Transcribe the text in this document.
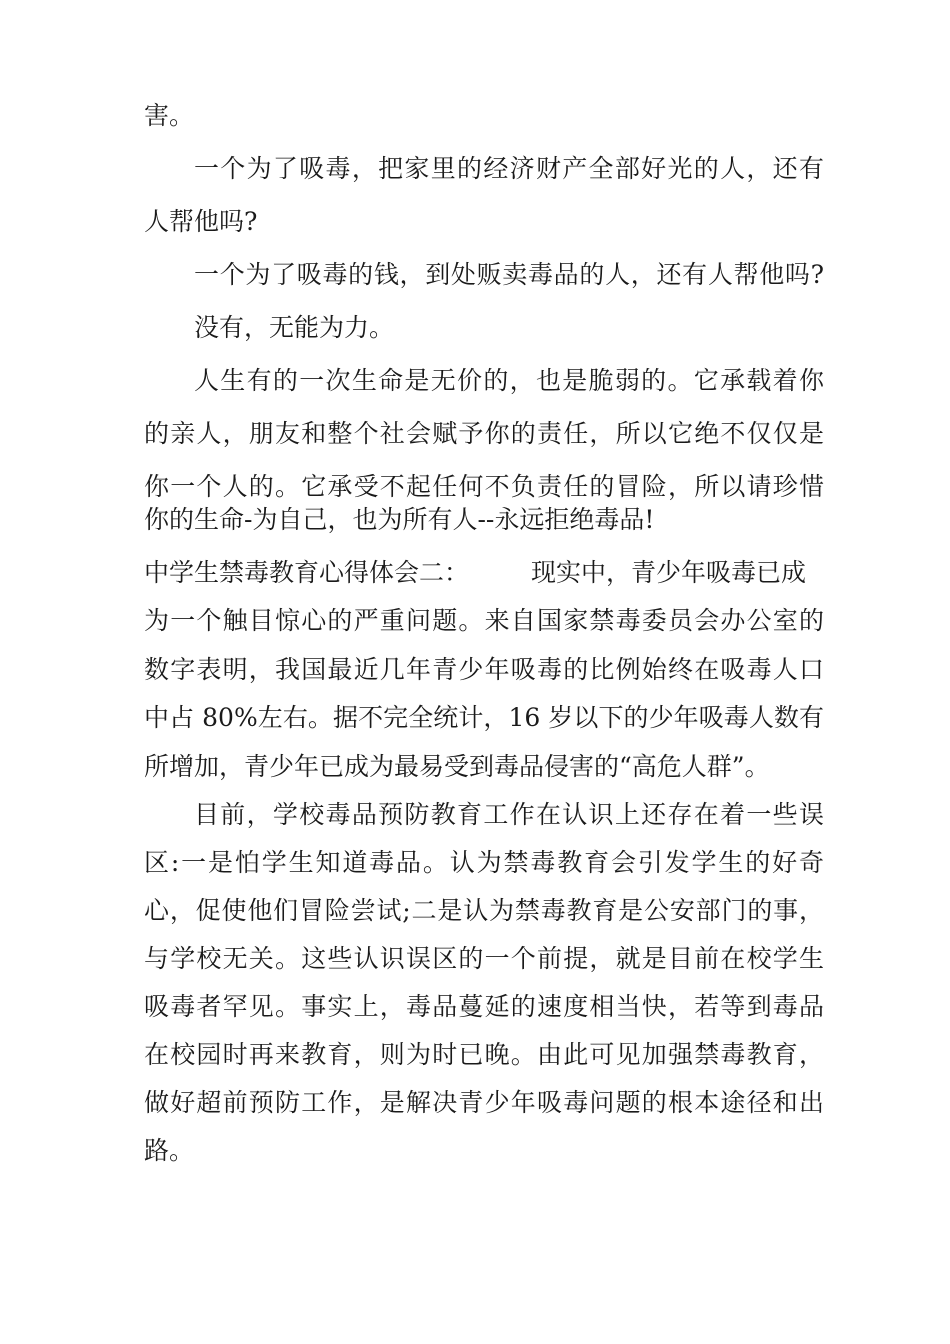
害。
一个为了吸毒，把家里的经济财产全部好光的人，还有
人帮他吗?
一个为了吸毒的钱，到处贩卖毒品的人，还有人帮他吗?
没有，无能为力。
人生有的一次生命是无价的，也是脆弱的。它承载着你
的亲人，朋友和整个社会赋予你的责任，所以它绝不仅仅是
你一个人的。它承受不起任何不负责任的冒险，所以请珍惜
你的生命-为自己，也为所有人--永远拒绝毒品!
中学生禁毒教育心得体会二： 现实中，青少年吸毒已成
为一个触目惊心的严重问题。来自国家禁毒委员会办公室的
数字表明，我国最近几年青少年吸毒的比例始终在吸毒人口
中占 80%左右。据不完全统计，16 岁以下的少年吸毒人数有
所增加，青少年已成为最易受到毒品侵害的“高危人群”。
目前，学校毒品预防教育工作在认识上还存在着一些误
区:一是怕学生知道毒品。认为禁毒教育会引发学生的好奇
心，促使他们冒险尝试;二是认为禁毒教育是公安部门的事，
与学校无关。这些认识误区的一个前提，就是目前在校学生
吸毒者罕见。事实上，毒品蔓延的速度相当快，若等到毒品
在校园时再来教育，则为时已晚。由此可见加强禁毒教育，
做好超前预防工作，是解决青少年吸毒问题的根本途径和出
路。
